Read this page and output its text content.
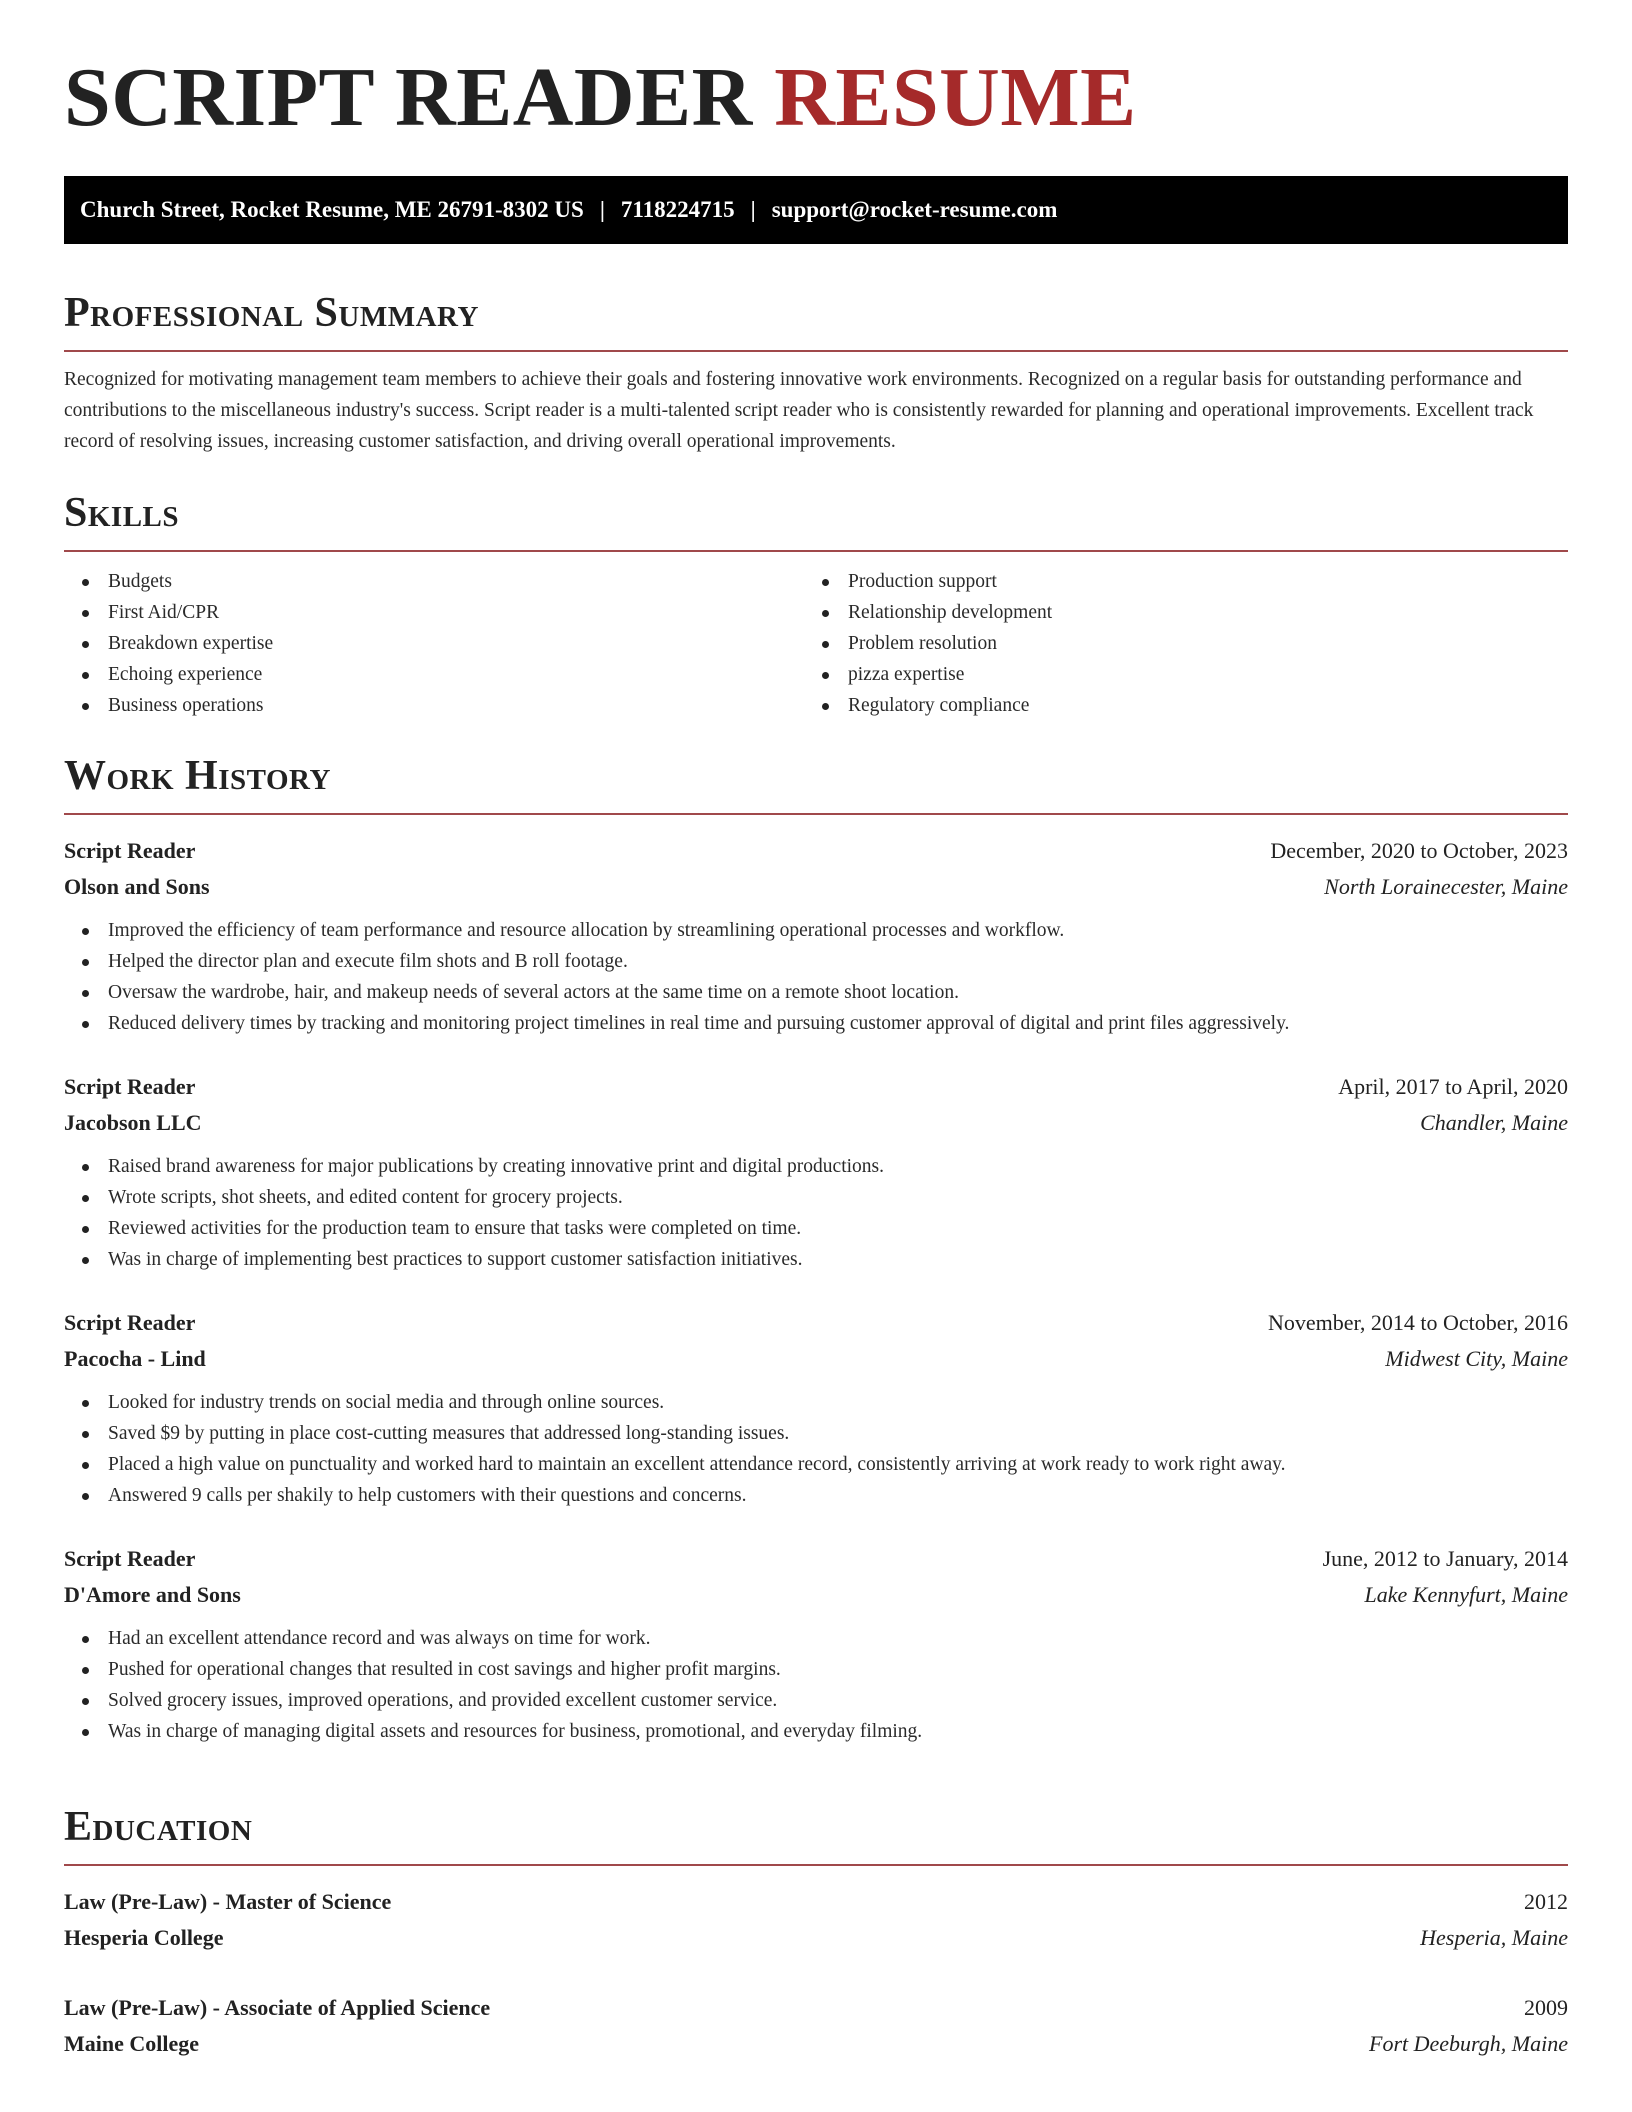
SCRIPT READER RESUME
Church Street, Rocket Resume, ME 26791-8302 US | 7118224715 | support@rocket-resume.com
Professional Summary

Recognized for motivating management team members to achieve their goals and fostering innovative work environments. Recognized on a regular basis for outstanding performance and contributions to the miscellaneous industry's success. Script reader is a multi-talented script reader who is consistently rewarded for planning and operational improvements. Excellent track record of resolving issues, increasing customer satisfaction, and driving overall operational improvements.

Skills
Budgets
First Aid/CPR
Breakdown expertise
Echoing experience
Business operations
Production support
Relationship development
Problem resolution
pizza expertise
Regulatory compliance
Work History
Script Reader	December, 2020 to October, 2023
Olson and Sons	North Lorainecester, Maine
Improved the efficiency of team performance and resource allocation by streamlining operational processes and workflow.
Helped the director plan and execute film shots and B roll footage.
Oversaw the wardrobe, hair, and makeup needs of several actors at the same time on a remote shoot location.
Reduced delivery times by tracking and monitoring project timelines in real time and pursuing customer approval of digital and print files aggressively.
Script Reader	April, 2017 to April, 2020
Jacobson LLC	Chandler, Maine
Raised brand awareness for major publications by creating innovative print and digital productions.
Wrote scripts, shot sheets, and edited content for grocery projects.
Reviewed activities for the production team to ensure that tasks were completed on time.
Was in charge of implementing best practices to support customer satisfaction initiatives.
Script Reader	November, 2014 to October, 2016
Pacocha - Lind	Midwest City, Maine
Looked for industry trends on social media and through online sources.
Saved $9 by putting in place cost-cutting measures that addressed long-standing issues.
Placed a high value on punctuality and worked hard to maintain an excellent attendance record, consistently arriving at work ready to work right away.
Answered 9 calls per shakily to help customers with their questions and concerns.
Script Reader	June, 2012 to January, 2014
D'Amore and Sons	Lake Kennyfurt, Maine
Had an excellent attendance record and was always on time for work.
Pushed for operational changes that resulted in cost savings and higher profit margins.
Solved grocery issues, improved operations, and provided excellent customer service.
Was in charge of managing digital assets and resources for business, promotional, and everyday filming.
Education
Law (Pre-Law) - Master of Science	2012
Hesperia College	Hesperia, Maine
Law (Pre-Law) - Associate of Applied Science	2009
Maine College	Fort Deeburgh, Maine
